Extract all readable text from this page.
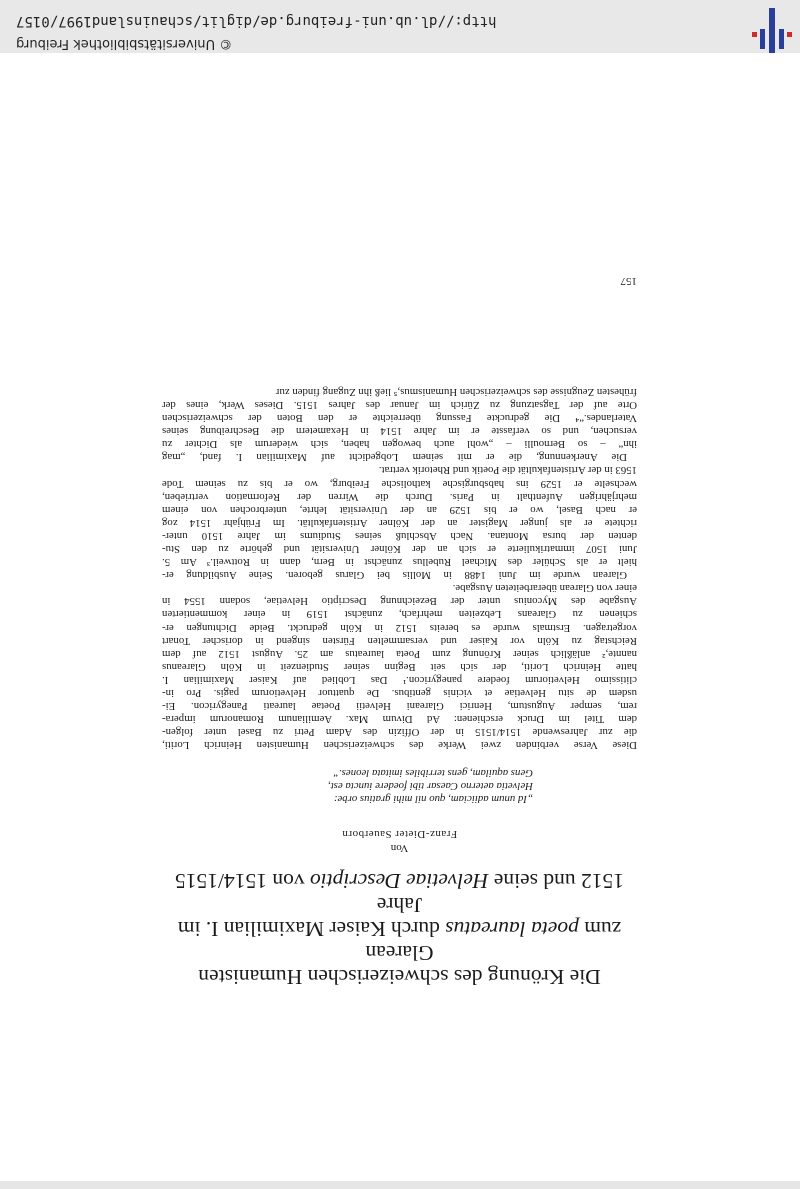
Die Krönung des schweizerischen Humanisten Glarean
zum poeta laureatus durch Kaiser Maximilian I. im Jahre
1512 und seine Helvetiae Descriptio von 1514/1515
Von
Franz-Dieter Sauerborn
„Id unum adiiciam, quo nil mihi gratius orbe:
Helvetia aeterno Caesar tibi foedere iuncta est,
Gens aquilam, gens terribiles imitata leones.“
Diese Verse verbinden zwei Werke des schweizerischen Humanisten Heinrich Loriti,
die zur Jahreswende 1514/1515 in der Offizin des Adam Petri zu Basel unter folgen-
dem Titel im Druck erschienen: Ad Divum Max. Aemilianum Romanorum impera-
rem, semper Augustum, Henrici Glareani Helvetii Poetae laureati Panegyricon. Ei-
usdem de situ Helvetiae et vicinis gentibus. De quattuor Helvetiorum pagis. Pro in-
clitissimo Helvetiorum foedere panegyricon.¹ Das Loblied auf Kaiser Maximilian I.
hatte Heinrich Loriti, der sich seit Beginn seiner Studienzeit in Köln Glareanus
nannte,² anläßlich seiner Krönung zum Poeta laureatus am 25. August 1512 auf dem
Reichstag zu Köln vor Kaiser und versammelten Fürsten singend in dorischer Tonart
vorgetragen. Erstmals wurde es bereits 1512 in Köln gedruckt. Beide Dichtungen er-
schienen zu Glareans Lebzeiten mehrfach, zunächst 1519 in einer kommentierten
Ausgabe des Myconius unter der Bezeichnung Descriptio Helvetiae, sodann 1554 in
einer von Glarean überarbeiteten Ausgabe.
Glarean wurde im Juni 1488 in Mollis bei Glarus geboren. Seine Ausbildung er-
hielt er als Schüler des Michael Rubellus zunächst in Bern, dann in Rottweil.³ Am 5.
Juni 1507 immatrikulierte er sich an der Kölner Universität und gehörte zu den Stu-
denten der bursa Montana. Nach Abschluß seines Studiums im Jahre 1510 unter-
richtete er als junger Magister an der Kölner Artistenfakultät. Im Frühjahr 1514 zog
er nach Basel, wo er bis 1529 an der Universität lehrte, unterbrochen von einem
mehrjährigen Aufenthalt in Paris. Durch die Wirren der Reformation vertrieben,
wechselte er 1529 ins habsburgische katholische Freiburg, wo er bis zu seinem Tode
1563 in der Artistenfakultät die Poetik und Rhetorik vertrat.
Die Anerkennung, die er mit seinem Lobgedicht auf Maximilian I. fand, „mag
ihn“ – so Bernoulli – „wohl auch bewogen haben, sich wiederum als Dichter zu
versuchen, und so verfasste er im Jahre 1514 in Hexametern die Beschreibung seines
Vaterlandes.“⁴ Die gedruckte Fassung überreichte er den Boten der schweizerischen
Orte auf der Tagsatzung zu Zürich im Januar des Jahres 1515. Dieses Werk, eines der
frühesten Zeugnisse des schweizerischen Humanismus,⁵ ließ ihn Zugang finden zur
157
© Universitätsbibliothek Freiburg
http://dl.ub.uni-freiburg.de/diglit/schauinsland1997/0157
